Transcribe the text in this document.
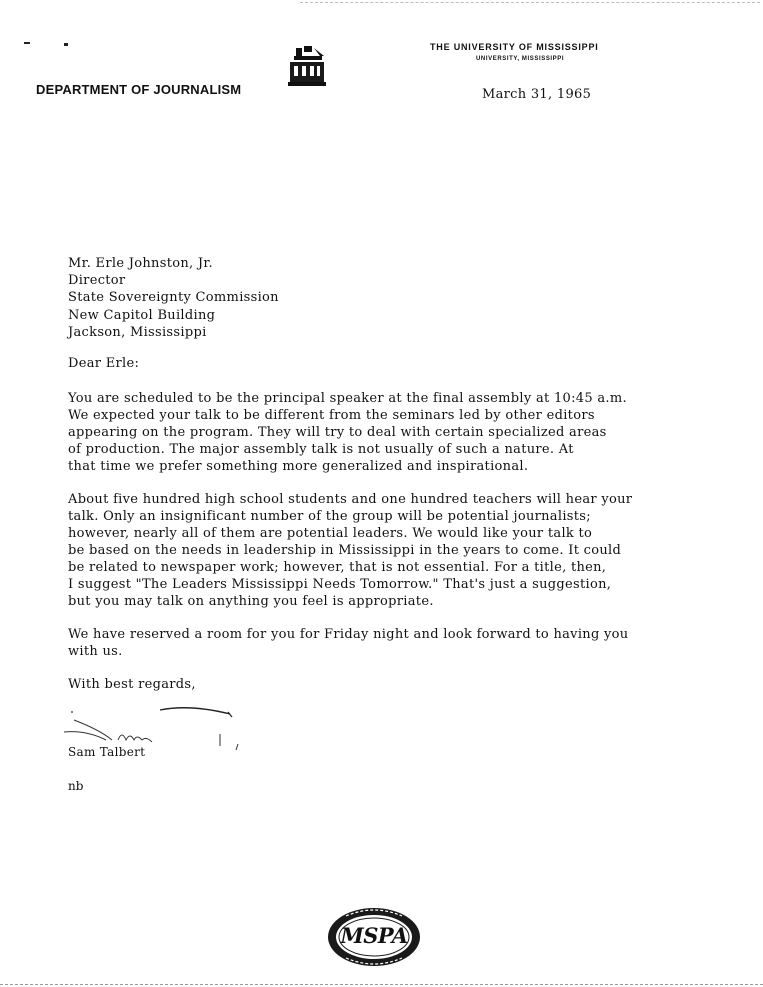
DEPARTMENT OF JOURNALISM
THE UNIVERSITY OF MISSISSIPPI
UNIVERSITY, MISSISSIPPI
March 31, 1965
Mr. Erle Johnston, Jr.
Director
State Sovereignty Commission
New Capitol Building
Jackson, Mississippi
Dear Erle:
You are scheduled to be the principal speaker at the final assembly at 10:45 a.m.
We expected your talk to be different from the seminars led by other editors
appearing on the program. They will try to deal with certain specialized areas
of production. The major assembly talk is not usually of such a nature. At
that time we prefer something more generalized and inspirational.
About five hundred high school students and one hundred teachers will hear your
talk. Only an insignificant number of the group will be potential journalists;
however, nearly all of them are potential leaders. We would like your talk to
be based on the needs in leadership in Mississippi in the years to come. It could
be related to newspaper work; however, that is not essential. For a title, then,
I suggest "The Leaders Mississippi Needs Tomorrow." That's just a suggestion,
but you may talk on anything you feel is appropriate.
We have reserved a room for you for Friday night and look forward to having you
with us.
With best regards,
Sam Talbert
nb
MSPA
